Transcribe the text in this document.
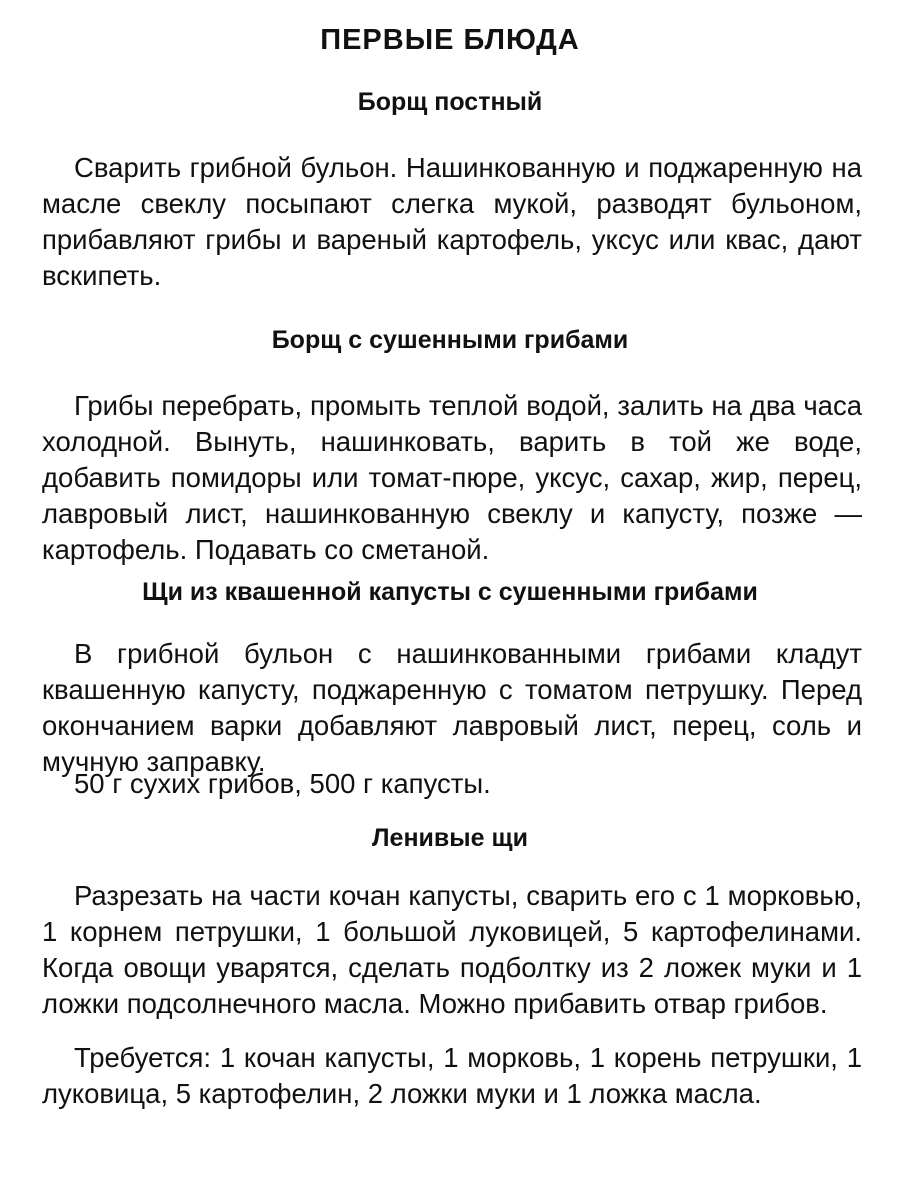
ПЕРВЫЕ БЛЮДА
Борщ постный

Сварить грибной бульон. Нашинкованную и поджаренную на масле свеклу посыпают слегка мукой, разводят бульоном, прибавляют грибы и вареный картофель, уксус или квас, дают вскипеть.

Борщ с сушенными грибами

Грибы перебрать, промыть теплой водой, залить на два часа холодной. Вынуть, нашинковать, варить в той же воде, добавить помидоры или томат-пюре, уксус, сахар, жир, перец, лавровый лист, нашинкованную свеклу и капусту, позже — картофель. Подавать со сметаной.

Щи из квашенной капусты с сушенными грибами

В грибной бульон с нашинкованными грибами кладут квашенную капусту, поджаренную с томатом петрушку. Перед окончанием варки добавляют лавровый лист, перец, соль и мучную заправку.

50 г сухих грибов, 500 г капусты.

Ленивые щи

Разрезать на части кочан капусты, сварить его с 1 морковью, 1 корнем петрушки, 1 большой луковицей, 5 картофелинами. Когда овощи уварятся, сделать подболтку из 2 ложек муки и 1 ложки подсолнечного масла. Можно прибавить отвар грибов.

Требуется: 1 кочан капусты, 1 морковь, 1 корень петрушки, 1 луковица, 5 картофелин, 2 ложки муки и 1 ложка масла.
